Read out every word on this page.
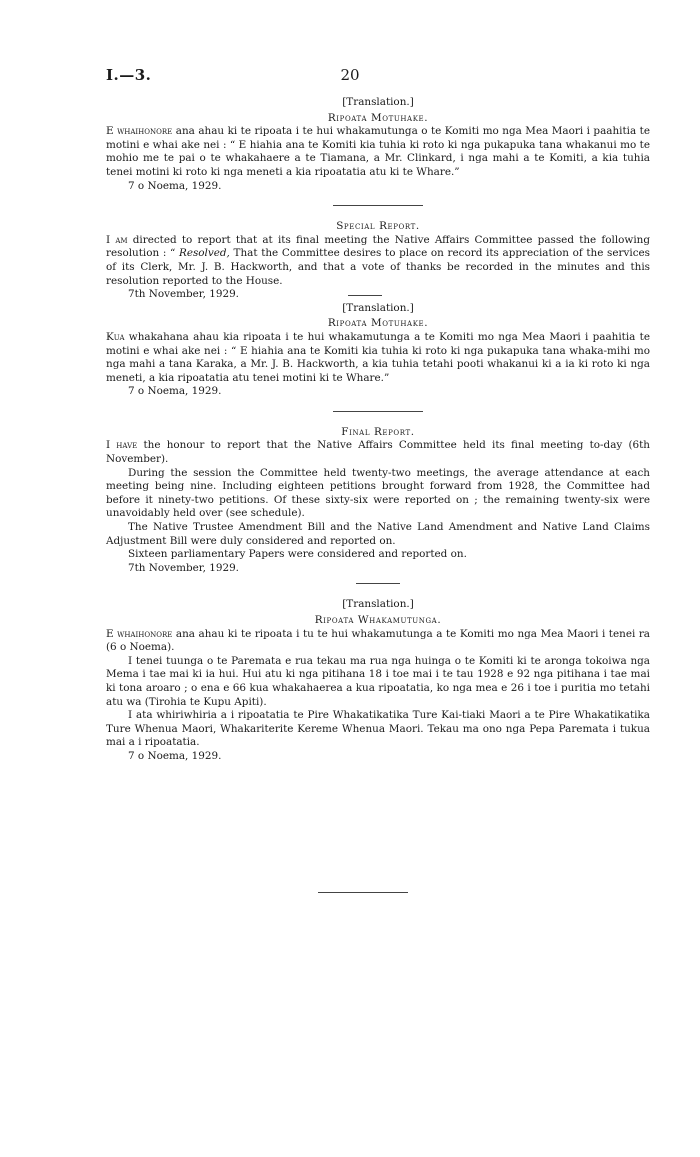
I.—3.	20
[Translation.]
Ripoata Motuhake.

E whaihonore ana ahau ki te ripoata i te hui whakamutunga o te Komiti mo nga Mea Maori i paahitia te motini e whai ake nei : “ E hiahia ana te Komiti kia tuhia ki roto ki nga pukapuka tana whakanui mo te mohio me te pai o te whakahaere a te Tiamana, a Mr. Clinkard, i nga mahi a te Komiti, a kia tuhia tenei motini ki roto ki nga meneti a kia ripoatatia atu ki te Whare.”

7 o Noema, 1929.
Special Report.

I am directed to report that at its final meeting the Native Affairs Committee passed the following resolution : “ Resolved, That the Committee desires to place on record its appreciation of the services of its Clerk, Mr. J. B. Hackworth, and that a vote of thanks be recorded in the minutes and this resolution reported to the House.

7th November, 1929.
[Translation.]
Ripoata Motuhake.

Kua whakahana ahau kia ripoata i te hui whakamutunga a te Komiti mo nga Mea Maori i paahitia te motini e whai ake nei : “ E hiahia ana te Komiti kia tuhia ki roto ki nga pukapuka tana whaka-mihi mo nga mahi a tana Karaka, a Mr. J. B. Hackworth, a kia tuhia tetahi pooti whakanui ki a ia ki roto ki nga meneti, a kia ripoatatia atu tenei motini ki te Whare.”

7 o Noema, 1929.
Final Report.

I have the honour to report that the Native Affairs Committee held its final meeting to-day (6th November).

During the session the Committee held twenty-two meetings, the average attendance at each meeting being nine. Including eighteen petitions brought forward from 1928, the Committee had before it ninety-two petitions. Of these sixty-six were reported on ; the remaining twenty-six were unavoidably held over (see schedule).

The Native Trustee Amendment Bill and the Native Land Amendment and Native Land Claims Adjustment Bill were duly considered and reported on.

Sixteen parliamentary Papers were considered and reported on.

7th November, 1929.
[Translation.]
Ripoata Whakamutunga.

E whaihonore ana ahau ki te ripoata i tu te hui whakamutunga a te Komiti mo nga Mea Maori i tenei ra (6 o Noema).

I tenei tuunga o te Paremata e rua tekau ma rua nga huinga o te Komiti ki te aronga tokoiwa nga Mema i tae mai ki ia hui. Hui atu ki nga pitihana 18 i toe mai i te tau 1928 e 92 nga pitihana i tae mai ki tona aroaro ; o ena e 66 kua whakahaerea a kua ripoatatia, ko nga mea e 26 i toe i puritia mo tetahi atu wa (Tirohia te Kupu Apiti).

I ata whiriwhiria a i ripoatatia te Pire Whakatikatika Ture Kai-tiaki Maori a te Pire Whakatikatika Ture Whenua Maori, Whakariterite Kereme Whenua Maori. Tekau ma ono nga Pepa Paremata i tukua mai a i ripoatatia.

7 o Noema, 1929.
